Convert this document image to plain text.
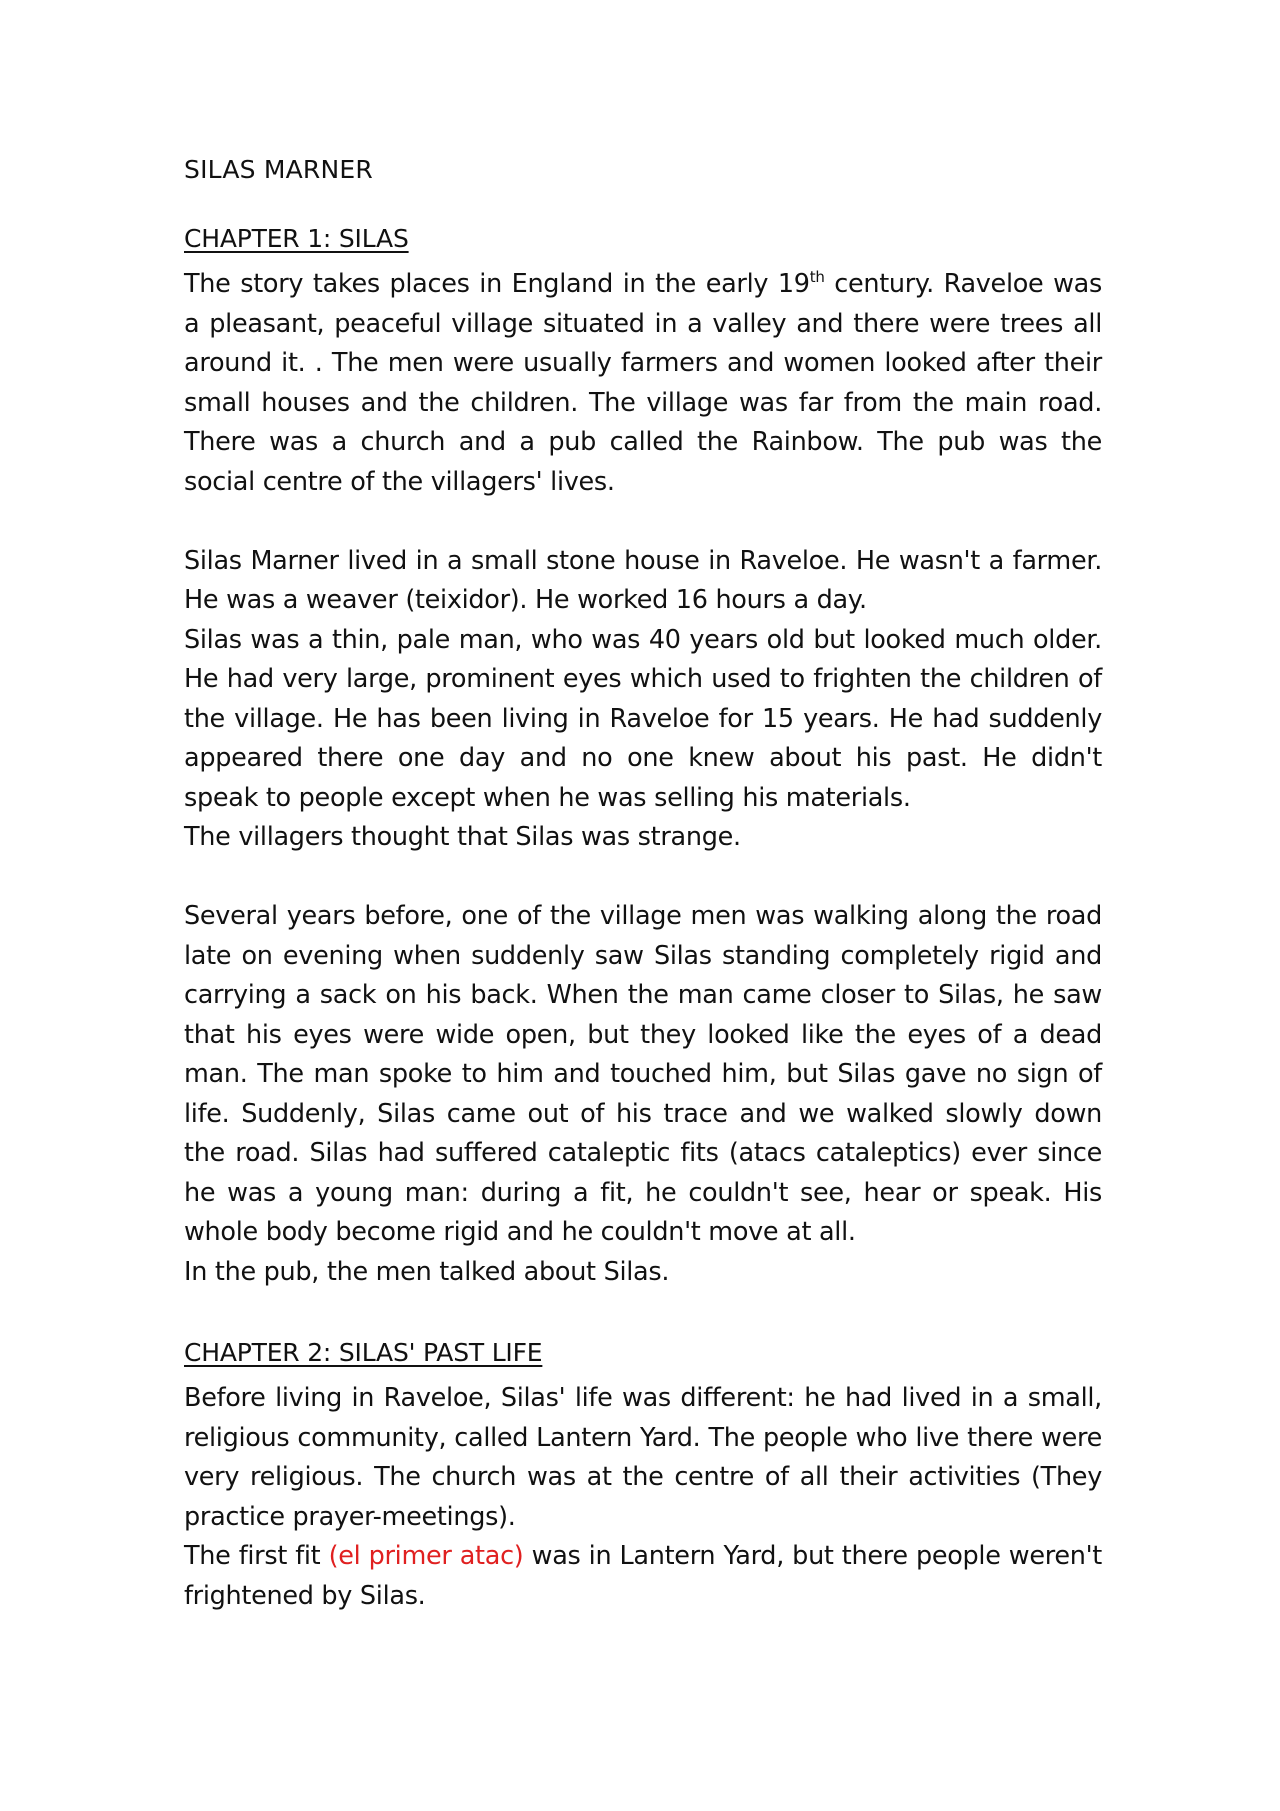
SILAS MARNER
CHAPTER 1: SILAS

The story takes places in England in the early 19th century. Raveloe was a pleasant, peaceful village situated in a valley and there were trees all around it. . The men were usually farmers and women looked after their small houses and the children. The village was far from the main road. There was a church and a pub called the Rainbow. The pub was the social centre of the villagers' lives.

Silas Marner lived in a small stone house in Raveloe. He wasn't a farmer. He was a weaver (teixidor). He worked 16 hours a day.

Silas was a thin, pale man, who was 40 years old but looked much older. He had very large, prominent eyes which used to frighten the children of the village. He has been living in Raveloe for 15 years. He had suddenly appeared there one day and no one knew about his past. He didn't speak to people except when he was selling his materials.

The villagers thought that Silas was strange.

Several years before, one of the village men was walking along the road late on evening when suddenly saw Silas standing completely rigid and carrying a sack on his back. When the man came closer to Silas, he saw that his eyes were wide open, but they looked like the eyes of a dead man. The man spoke to him and touched him, but Silas gave no sign of life. Suddenly, Silas came out of his trace and we walked slowly down the road. Silas had suffered cataleptic fits (atacs cataleptics) ever since he was a young man: during a fit, he couldn't see, hear or speak. His whole body become rigid and he couldn't move at all.

In the pub, the men talked about Silas.

CHAPTER 2: SILAS' PAST LIFE

Before living in Raveloe, Silas' life was different: he had lived in a small, religious community, called Lantern Yard. The people who live there were very religious. The church was at the centre of all their activities (They practice prayer-meetings).

The first fit (el primer atac) was in Lantern Yard, but there people weren't frightened by Silas.
